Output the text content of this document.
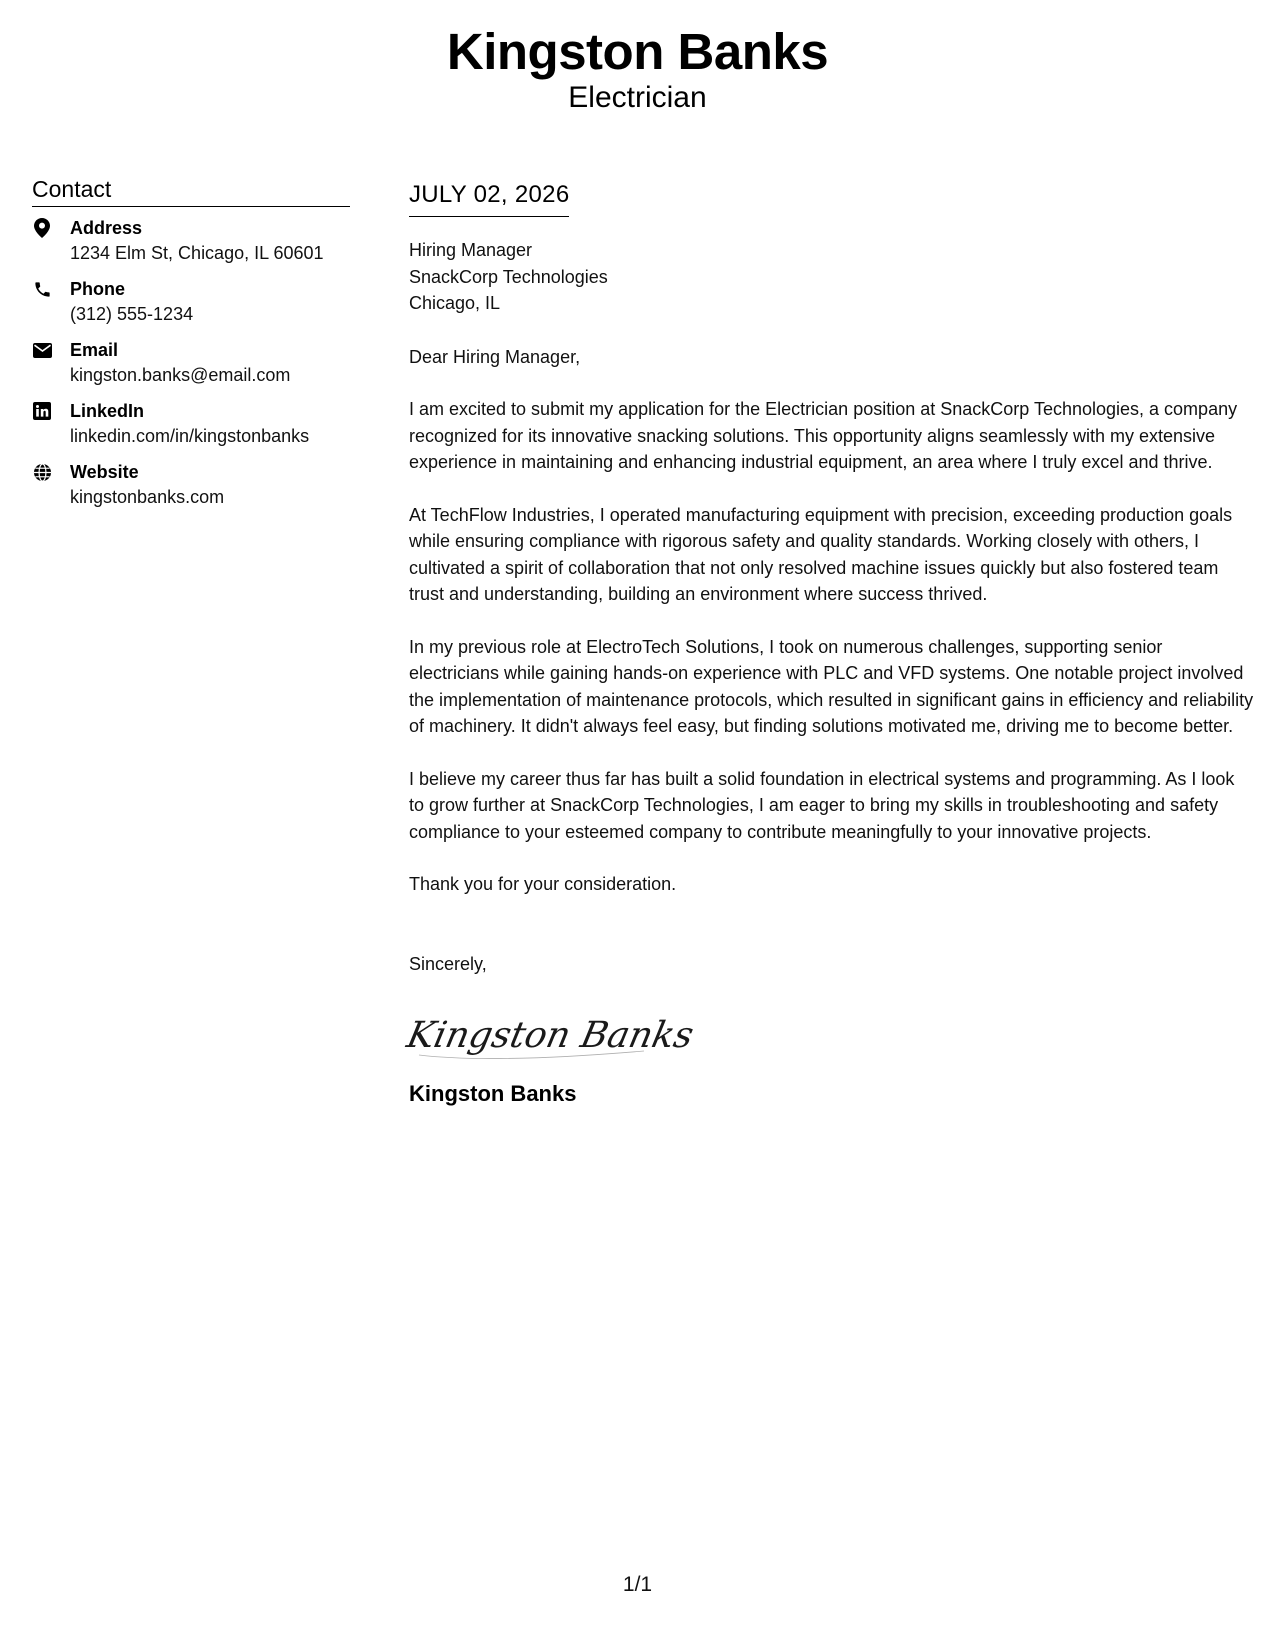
Kingston Banks
Electrician
Contact
Address
1234 Elm St, Chicago, IL 60601
Phone
(312) 555-1234
Email
kingston.banks@email.com
LinkedIn
linkedin.com/in/kingstonbanks
Website
kingstonbanks.com
JULY 02, 2026
Hiring Manager
SnackCorp Technologies
Chicago, IL
Dear Hiring Manager,
I am excited to submit my application for the Electrician position at SnackCorp Technologies, a company recognized for its innovative snacking solutions. This opportunity aligns seamlessly with my extensive experience in maintaining and enhancing industrial equipment, an area where I truly excel and thrive.
At TechFlow Industries, I operated manufacturing equipment with precision, exceeding production goals while ensuring compliance with rigorous safety and quality standards. Working closely with others, I cultivated a spirit of collaboration that not only resolved machine issues quickly but also fostered team trust and understanding, building an environment where success thrived.
In my previous role at ElectroTech Solutions, I took on numerous challenges, supporting senior electricians while gaining hands-on experience with PLC and VFD systems. One notable project involved the implementation of maintenance protocols, which resulted in significant gains in efficiency and reliability of machinery. It didn't always feel easy, but finding solutions motivated me, driving me to become better.
I believe my career thus far has built a solid foundation in electrical systems and programming. As I look to grow further at SnackCorp Technologies, I am eager to bring my skills in troubleshooting and safety compliance to your esteemed company to contribute meaningfully to your innovative projects.
Thank you for your consideration.
Sincerely,
Kingston Banks
Kingston Banks
1/1
